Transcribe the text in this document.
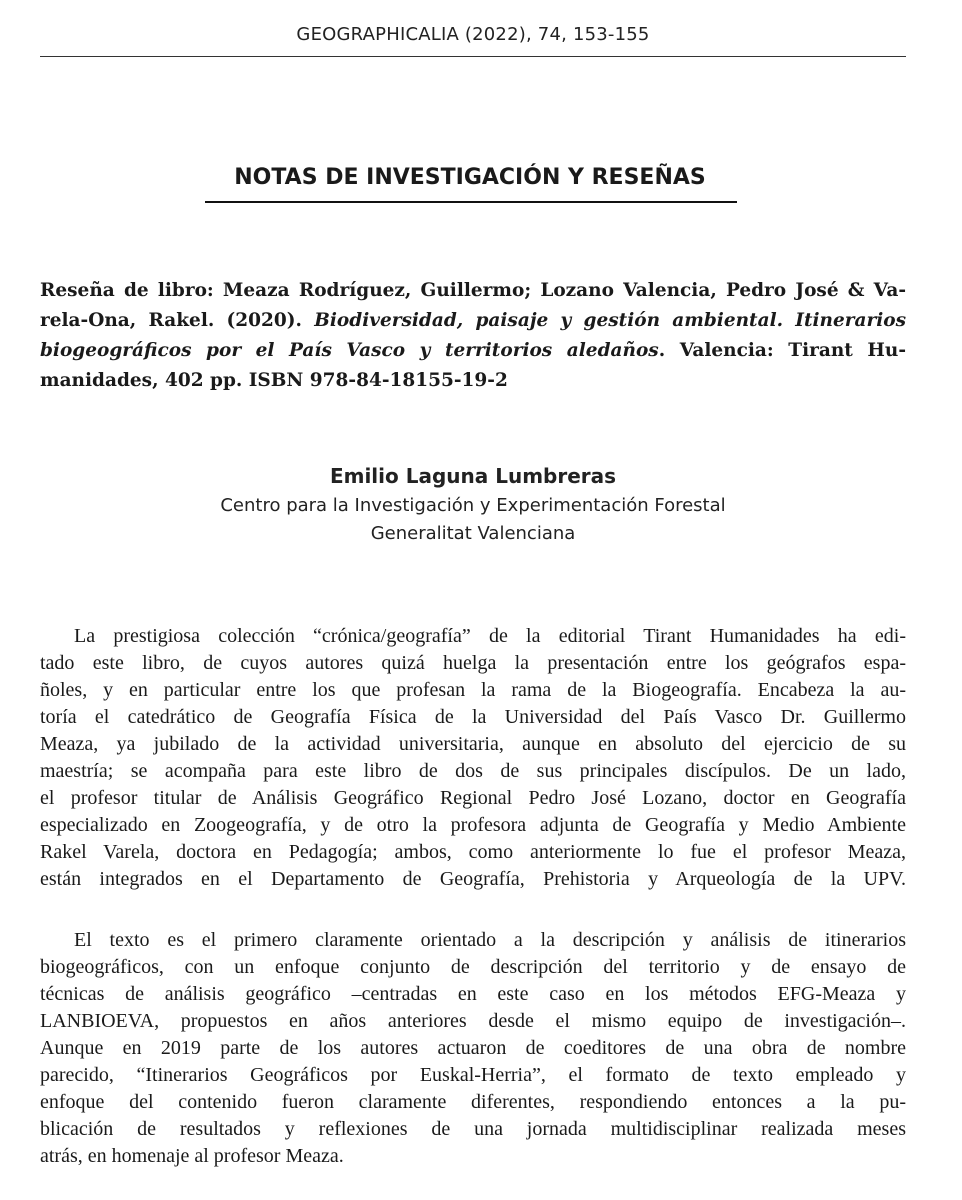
GEOGRAPHICALIA (2022), 74, 153-155
NOTAS DE INVESTIGACIÓN Y RESEÑAS
Reseña de libro: Meaza Rodríguez, Guillermo; Lozano Valencia, Pedro José & Va-
rela-Ona, Rakel. (2020). Biodiversidad, paisaje y gestión ambiental. Itinerarios
biogeográficos por el País Vasco y territorios aledaños. Valencia: Tirant Hu-
manidades, 402 pp. ISBN 978-84-18155-19-2
Emilio Laguna Lumbreras
Centro para la Investigación y Experimentación Forestal
Generalitat Valenciana
La prestigiosa colección “crónica/geografía” de la editorial Tirant Humanidades ha edi-
tado este libro, de cuyos autores quizá huelga la presentación entre los geógrafos espa-
ñoles, y en particular entre los que profesan la rama de la Biogeografía. Encabeza la au-
toría el catedrático de Geografía Física de la Universidad del País Vasco Dr. Guillermo
Meaza, ya jubilado de la actividad universitaria, aunque en absoluto del ejercicio de su
maestría; se acompaña para este libro de dos de sus principales discípulos. De un lado,
el profesor titular de Análisis Geográfico Regional Pedro José Lozano, doctor en Geografía
especializado en Zoogeografía, y de otro la profesora adjunta de Geografía y Medio Ambiente
Rakel Varela, doctora en Pedagogía; ambos, como anteriormente lo fue el profesor Meaza,
están integrados en el Departamento de Geografía, Prehistoria y Arqueología de la UPV.
El texto es el primero claramente orientado a la descripción y análisis de itinerarios
biogeográficos, con un enfoque conjunto de descripción del territorio y de ensayo de
técnicas de análisis geográfico –centradas en este caso en los métodos EFG-Meaza y
LANBIOEVA, propuestos en años anteriores desde el mismo equipo de investigación–.
Aunque en 2019 parte de los autores actuaron de coeditores de una obra de nombre
parecido, “Itinerarios Geográficos por Euskal-Herria”, el formato de texto empleado y
enfoque del contenido fueron claramente diferentes, respondiendo entonces a la pu-
blicación de resultados y reflexiones de una jornada multidisciplinar realizada meses
atrás, en homenaje al profesor Meaza.
